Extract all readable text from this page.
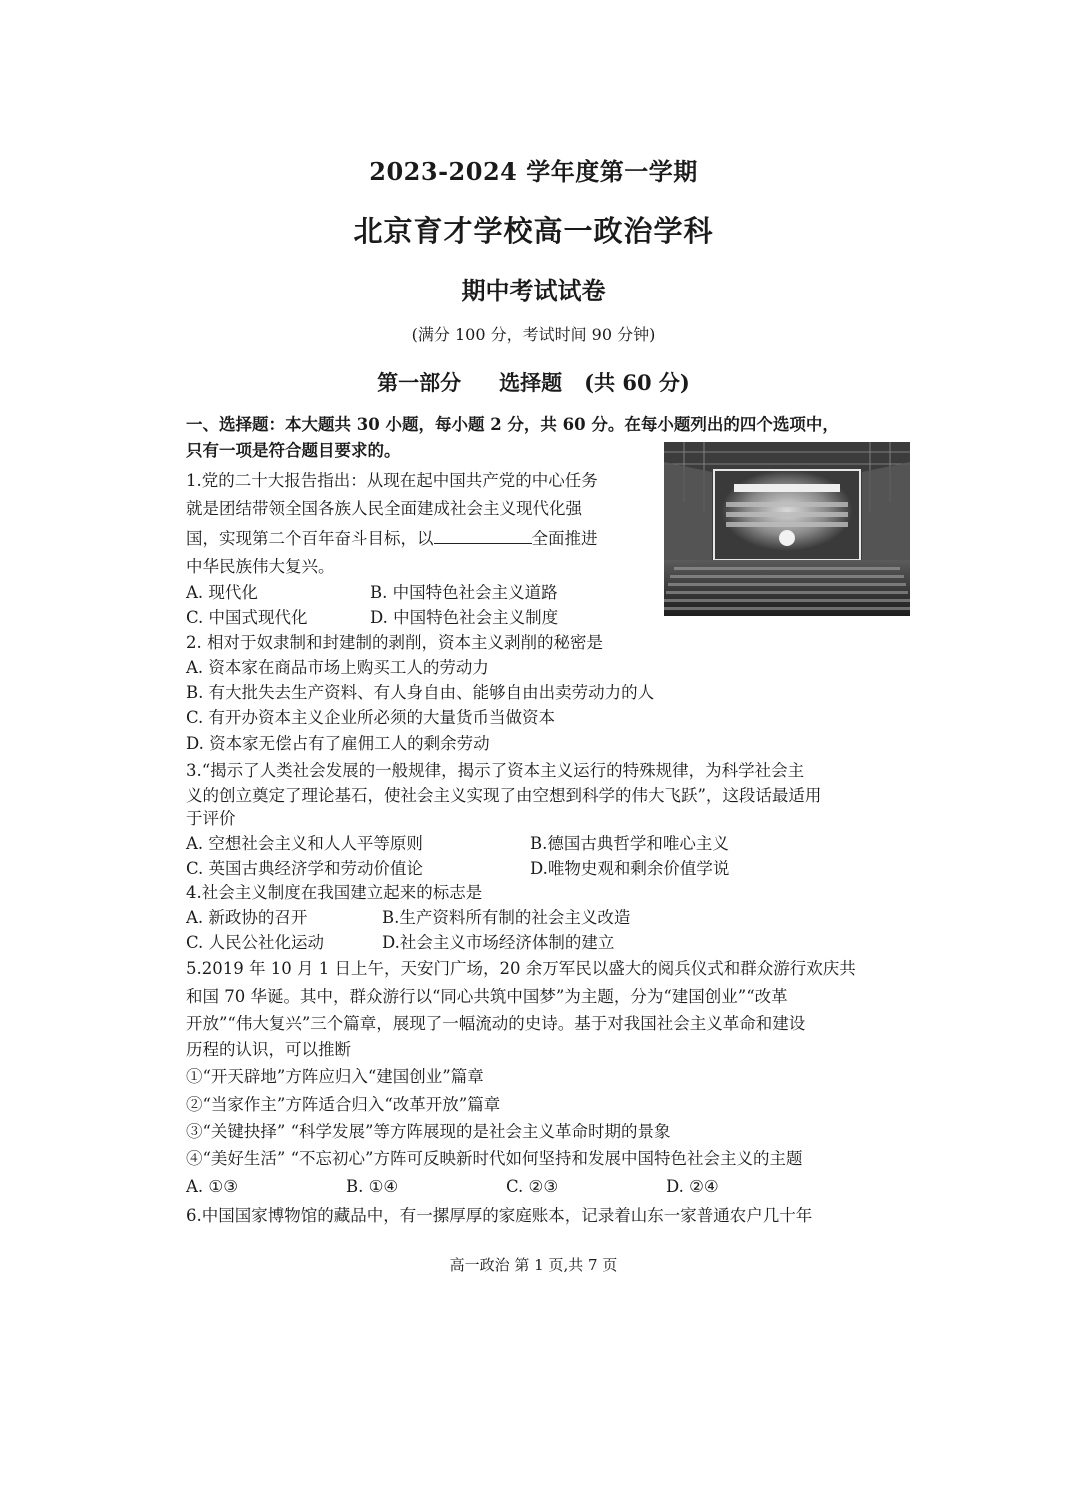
2023-2024 学年度第一学期
北京育才学校高一政治学科
期中考试试卷
(满分 100 分，考试时间 90 分钟)
第一部分 选择题 (共 60 分)
一、选择题：本大题共 30 小题，每小题 2 分，共 60 分。在每小题列出的四个选项中，
只有一项是符合题目要求的。
1.党的二十大报告指出：从现在起中国共产党的中心任务
就是团结带领全国各族人民全面建成社会主义现代化强
国，实现第二个百年奋斗目标，以	全面推进
中华民族伟大复兴。
A. 现代化	B. 中国特色社会主义道路
C. 中国式现代化	D. 中国特色社会主义制度
2. 相对于奴隶制和封建制的剥削，资本主义剥削的秘密是
A. 资本家在商品市场上购买工人的劳动力
B. 有大批失去生产资料、有人身自由、能够自由出卖劳动力的人
C. 有开办资本主义企业所必须的大量货币当做资本
D. 资本家无偿占有了雇佣工人的剩余劳动
3.“揭示了人类社会发展的一般规律，揭示了资本主义运行的特殊规律，为科学社会主
义的创立奠定了理论基石，使社会主义实现了由空想到科学的伟大飞跃”，这段话最适用
于评价
A. 空想社会主义和人人平等原则	B.德国古典哲学和唯心主义
C. 英国古典经济学和劳动价值论	D.唯物史观和剩余价值学说
4.社会主义制度在我国建立起来的标志是
A. 新政协的召开	B.生产资料所有制的社会主义改造
C. 人民公社化运动	D.社会主义市场经济体制的建立
5.2019 年 10 月 1 日上午，天安门广场，20 余万军民以盛大的阅兵仪式和群众游行欢庆共
和国 70 华诞。其中，群众游行以“同心共筑中国梦”为主题，分为“建国创业”“改革
开放”“伟大复兴”三个篇章，展现了一幅流动的史诗。基于对我国社会主义革命和建设
历程的认识，可以推断
①“开天辟地”方阵应归入“建国创业”篇章
②“当家作主”方阵适合归入“改革开放”篇章
③“关键抉择” “科学发展”等方阵展现的是社会主义革命时期的景象
④“美好生活” “不忘初心”方阵可反映新时代如何坚持和发展中国特色社会主义的主题
A. ①③	B. ①④	C. ②③	D. ②④
6.中国国家博物馆的藏品中，有一摞厚厚的家庭账本，记录着山东一家普通农户几十年
高一政治 第 1 页,共 7 页
